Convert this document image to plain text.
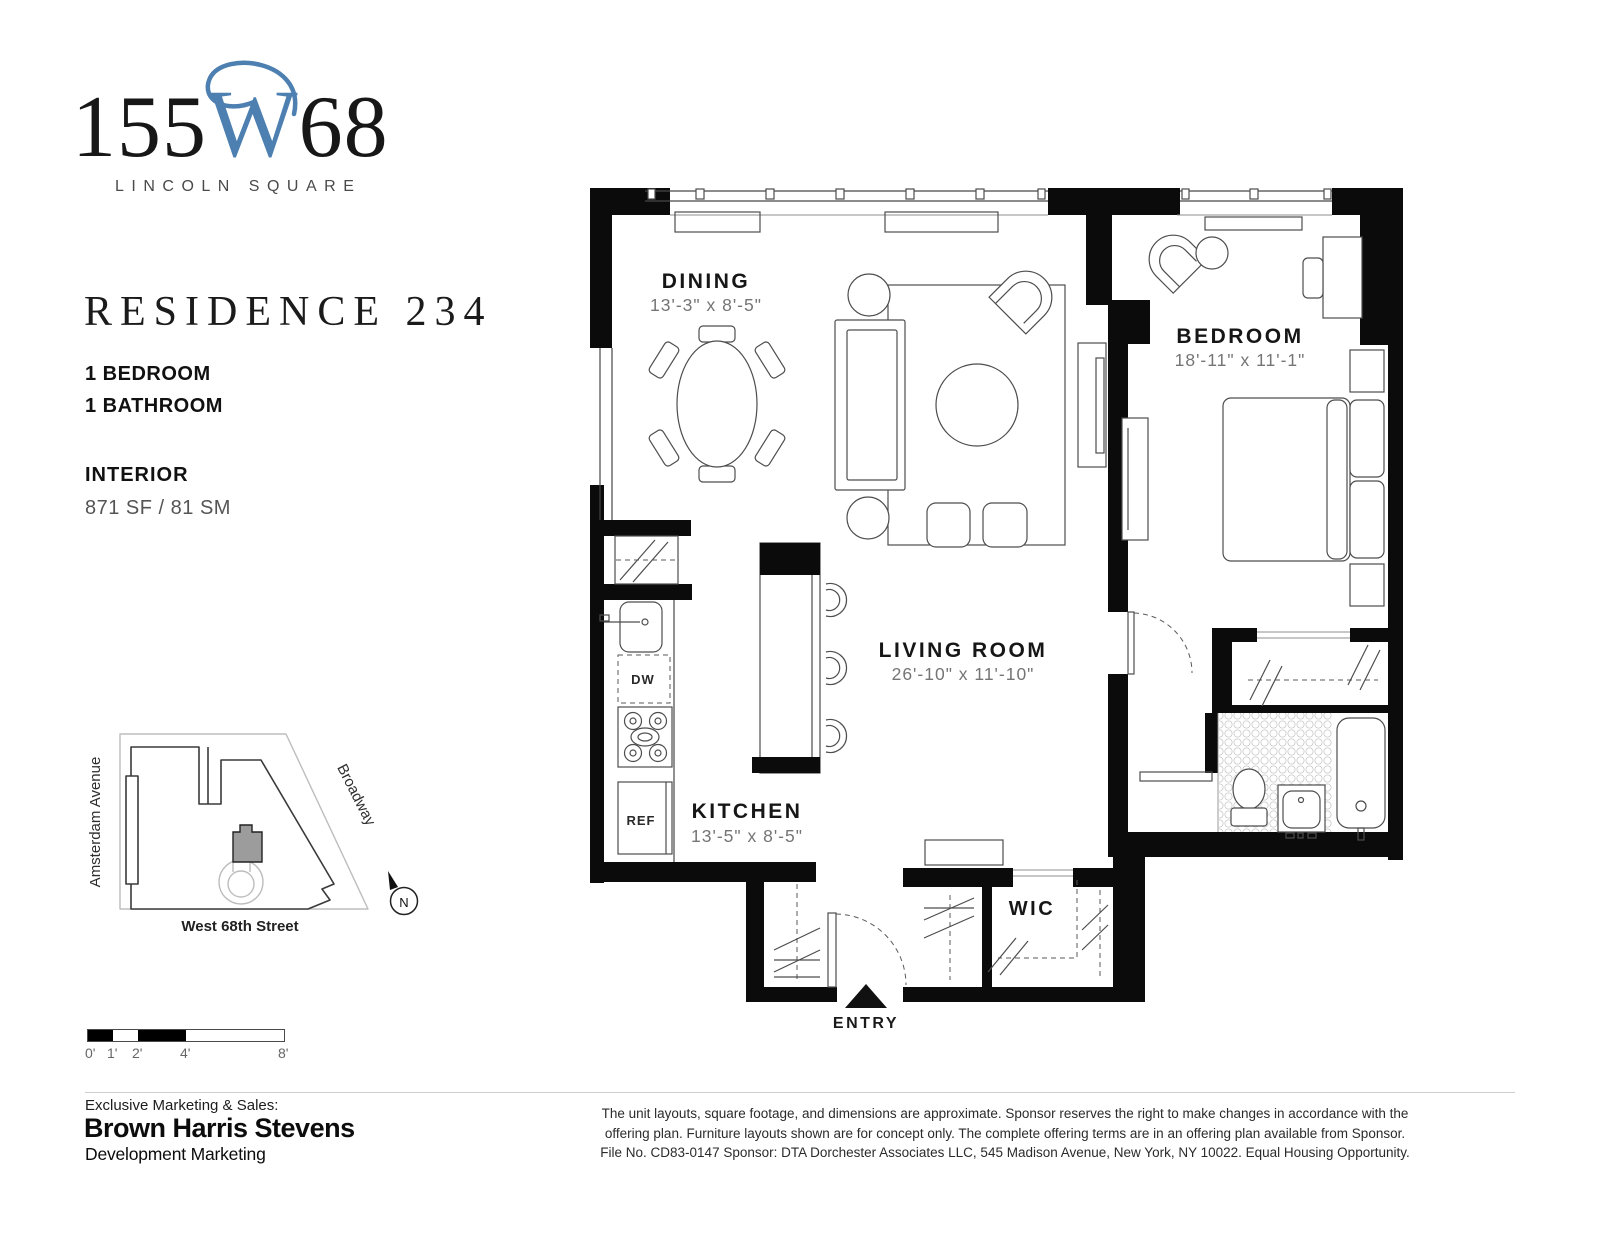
155W68
LINCOLN SQUARE
RESIDENCE 234
1 BEDROOM
1 BATHROOM
INTERIOR
871 SF / 81 SM
Amsterdam Avenue	Broadway
West 68th Street
N
0' 1' 2'	4'	8'
DW
REF
DINING
13'-3" x 8'-5"
BEDROOM
18'-11" x 11'-1"
LIVING ROOM
26'-10" x 11'-10"
KITCHEN
13'-5" x 8'-5"
WIC
ENTRY
Exclusive Marketing & Sales:
Brown Harris Stevens
Development Marketing
The unit layouts, square footage, and dimensions are approximate. Sponsor reserves the right to make changes in accordance with the
offering plan. Furniture layouts shown are for concept only. The complete offering terms are in an offering plan available from Sponsor.
File No. CD83-0147 Sponsor: DTA Dorchester Associates LLC, 545 Madison Avenue, New York, NY 10022. Equal Housing Opportunity.
